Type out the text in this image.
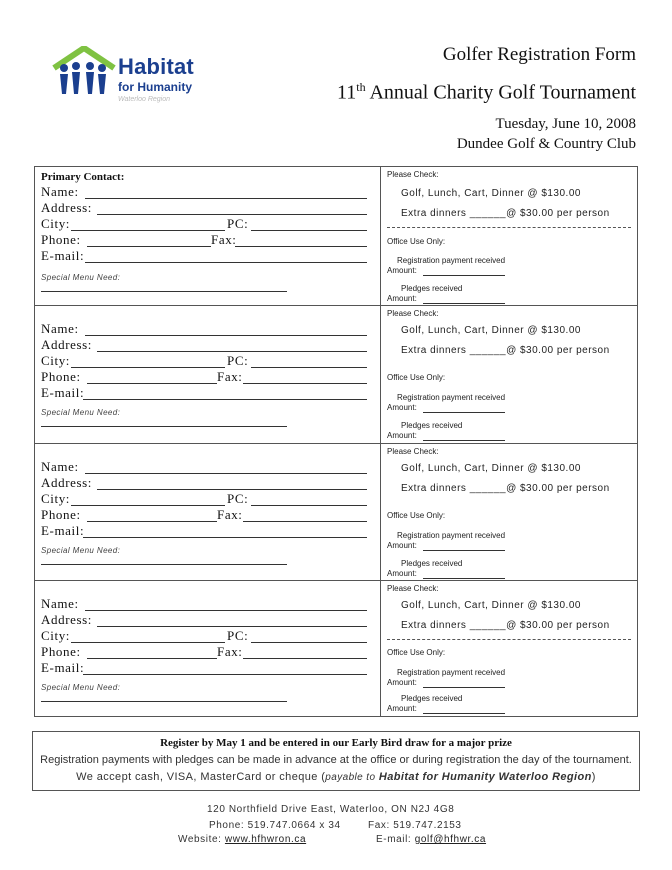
Habitat
for Humanity
Waterloo Region
Golfer Registration Form
11th Annual Charity Golf Tournament
Tuesday, June 10, 2008
Dundee Golf & Country Club
Primary Contact:
Name:
Address:
City:	PC:
Phone:	Fax:
E-mail:
Special Menu Need:
Please Check:
Golf, Lunch, Cart, Dinner @ $130.00
Extra dinners ______@ $30.00 per person
Office Use Only:
Registration payment received
Amount:
Pledges received
Amount:
Name:
Address:
City:	PC:
Phone:	Fax:
E-mail:
Special Menu Need:
Please Check:
Golf, Lunch, Cart, Dinner @ $130.00
Extra dinners ______@ $30.00 per person
Office Use Only:
Registration payment received
Amount:
Pledges received
Amount:
Name:
Address:
City:	PC:
Phone:	Fax:
E-mail:
Special Menu Need:
Please Check:
Golf, Lunch, Cart, Dinner @ $130.00
Extra dinners ______@ $30.00 per person
Office Use Only:
Registration payment received
Amount:
Pledges received
Amount:
Name:
Address:
City:	PC:
Phone:	Fax:
E-mail:
Special Menu Need:
Please Check:
Golf, Lunch, Cart, Dinner @ $130.00
Extra dinners ______@ $30.00 per person
Office Use Only:
Registration payment received
Amount:
Pledges received
Amount:
Register by May 1 and be entered in our Early Bird draw for a major prize
Registration payments with pledges can be made in advance at the office or during registration the day of the tournament.
We accept cash, VISA, MasterCard or cheque (payable to Habitat for Humanity Waterloo Region)
120 Northfield Drive East, Waterloo, ON N2J 4G8
Phone: 519.747.0664 x 34	Fax: 519.747.2153
Website: www.hfhwron.ca	E-mail: golf@hfhwr.ca
